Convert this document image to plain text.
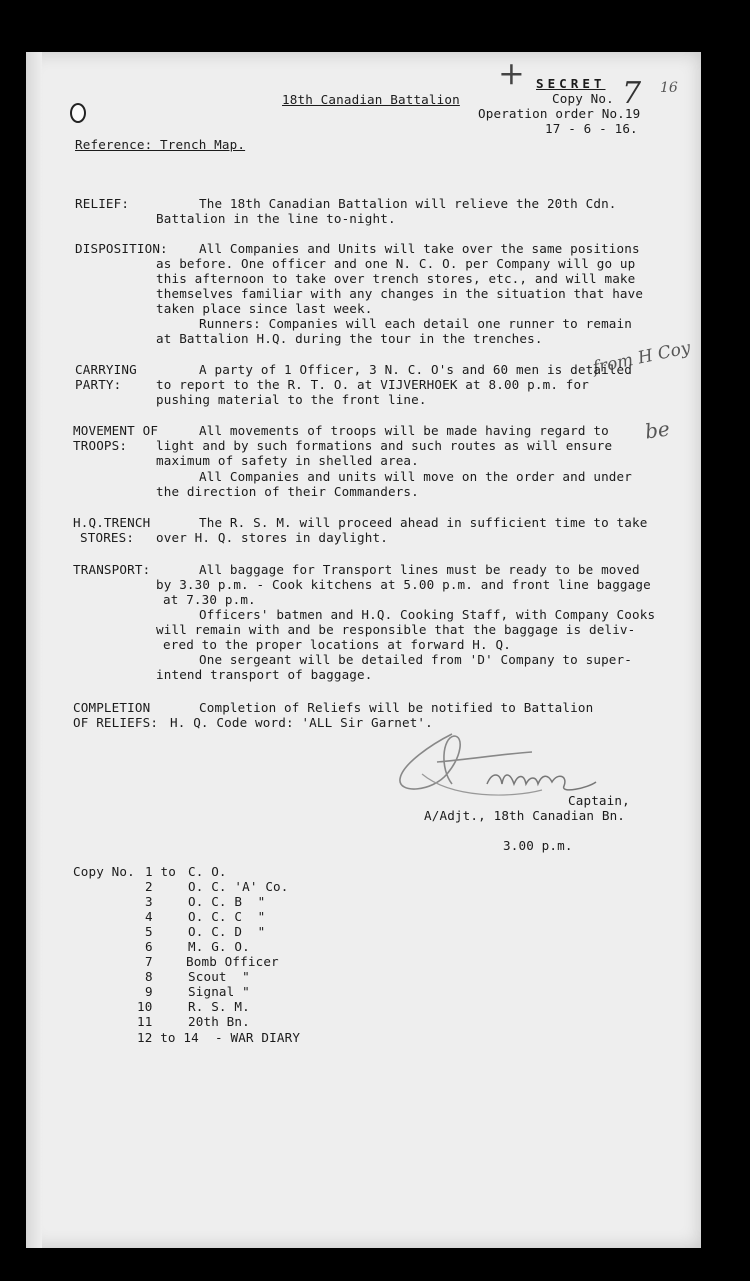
18th Canadian Battalion
SECRET
Copy No.
Operation order No.19
17 - 6 - 16.
Reference: Trench Map.
+
7 16
from H Coy
be
RELIEF:	The 18th Canadian Battalion will relieve the 20th Cdn.
Battalion in the line to-night.
DISPOSITION: All Companies and Units will take over the same positions
as before. One officer and one N. C. O. per Company will go up
this afternoon to take over trench stores, etc., and will make
themselves familiar with any changes in the situation that have
taken place since last week.
Runners: Companies will each detail one runner to remain
at Battalion H.Q. during the tour in the trenches.
CARRYING
PARTY:
A party of 1 Officer, 3 N. C. O's and 60 men is detailed
to report to the R. T. O. at VIJVERHOEK at 8.00 p.m. for
pushing material to the front line.
MOVEMENT OF
TROOPS:
All movements of troops will be made having regard to
light and by such formations and such routes as will ensure
maximum of safety in shelled area.
All Companies and units will move on the order and under
the direction of their Commanders.
H.Q.TRENCH
STORES:
The R. S. M. will proceed ahead in sufficient time to take
over H. Q. stores in daylight.
TRANSPORT:	All baggage for Transport lines must be ready to be moved
by 3.30 p.m. - Cook kitchens at 5.00 p.m. and front line baggage
at 7.30 p.m.
Officers' batmen and H.Q. Cooking Staff, with Company Cooks
will remain with and be responsible that the baggage is deliv-
ered to the proper locations at forward H. Q.
One sergeant will be detailed from 'D' Company to super-
intend transport of baggage.
COMPLETION
OF RELIEFS:
Completion of Reliefs will be notified to Battalion
H. Q. Code word: 'ALL Sir Garnet'.
Captain,
A/Adjt., 18th Canadian Bn.
3.00 p.m.
Copy No. 1 to C. O.
2	O. C. 'A' Co.
3	O. C. B  "
4	O. C. C  "
5	O. C. D  "
6	M. G. O.
7	Bomb Officer
8	Scout  "
9	Signal "
10	R. S. M.
11	20th Bn.
12 to 14 - WAR DIARY
